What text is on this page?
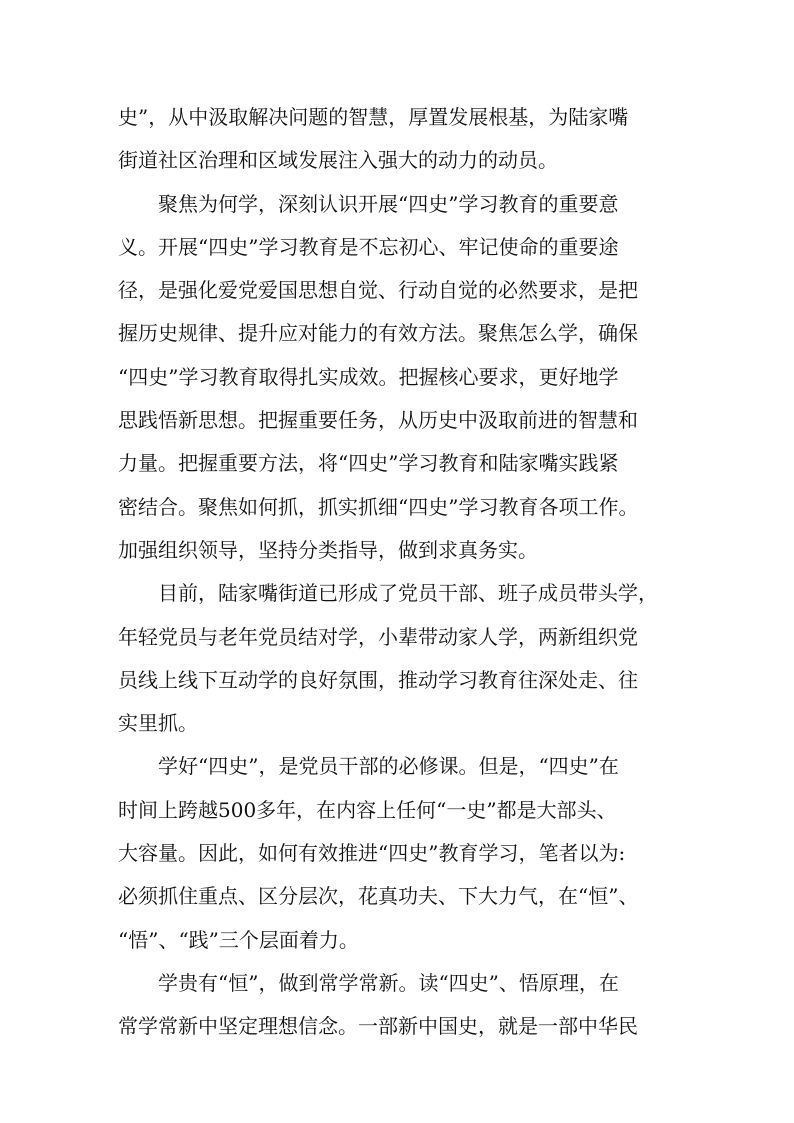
史”，从中汲取解决问题的智慧，厚置发展根基，为陆家嘴
街道社区治理和区域发展注入强大的动力的动员。
　　聚焦为何学，深刻认识开展“四史”学习教育的重要意
义。开展“四史”学习教育是不忘初心、牢记使命的重要途
径，是强化爱党爱国思想自觉、行动自觉的必然要求，是把
握历史规律、提升应对能力的有效方法。聚焦怎么学，确保
“四史”学习教育取得扎实成效。把握核心要求，更好地学
思践悟新思想。把握重要任务，从历史中汲取前进的智慧和
力量。把握重要方法，将“四史”学习教育和陆家嘴实践紧
密结合。聚焦如何抓，抓实抓细“四史”学习教育各项工作。
加强组织领导，坚持分类指导，做到求真务实。
　　目前，陆家嘴街道已形成了党员干部、班子成员带头学，
年轻党员与老年党员结对学，小辈带动家人学，两新组织党
员线上线下互动学的良好氛围，推动学习教育往深处走、往
实里抓。
　　学好“四史”，是党员干部的必修课。但是，“四史”在
时间上跨越500多年，在内容上任何“一史”都是大部头、
大容量。因此，如何有效推进“四史”教育学习，笔者以为:
必须抓住重点、区分层次，花真功夫、下大力气，在“恒”、
“悟”、“践”三个层面着力。
　　学贵有“恒”，做到常学常新。读“四史”、悟原理，在
常学常新中坚定理想信念。一部新中国史，就是一部中华民
